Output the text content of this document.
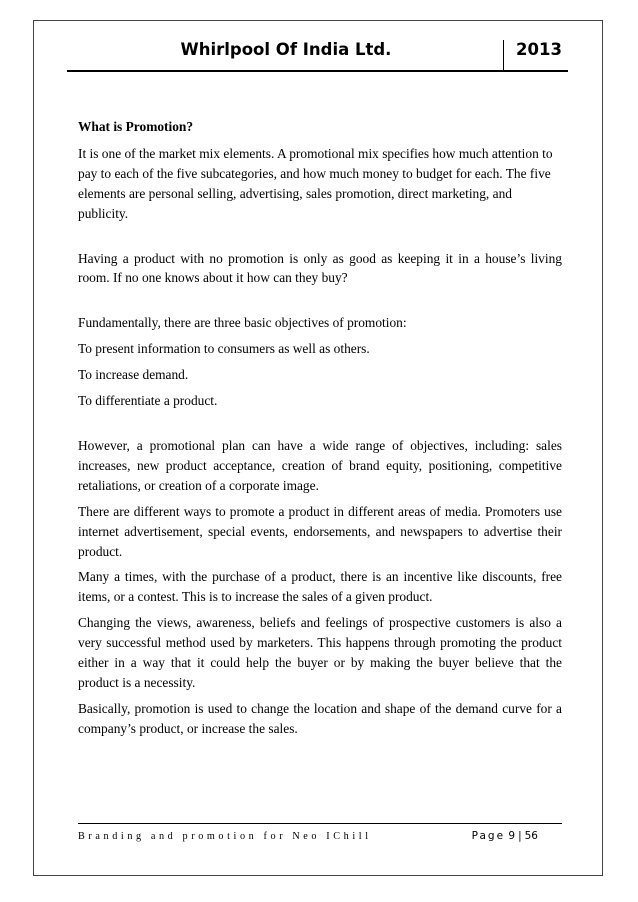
Whirlpool Of India Ltd.	2013

What is Promotion?

It is one of the market mix elements. A promotional mix specifies how much attention to pay to each of the five subcategories, and how much money to budget for each. The five elements are personal selling, advertising, sales promotion, direct marketing, and publicity.

Having a product with no promotion is only as good as keeping it in a house’s living room. If no one knows about it how can they buy?

Fundamentally, there are three basic objectives of promotion:

To present information to consumers as well as others.

To increase demand.

To differentiate a product.

However, a promotional plan can have a wide range of objectives, including: sales increases, new product acceptance, creation of brand equity, positioning, competitive retaliations, or creation of a corporate image.

There are different ways to promote a product in different areas of media. Promoters use internet advertisement, special events, endorsements, and newspapers to advertise their product.

Many a times, with the purchase of a product, there is an incentive like discounts, free items, or a contest. This is to increase the sales of a given product.

Changing the views, awareness, beliefs and feelings of prospective customers is also a very successful method used by marketers. This happens through promoting the product either in a way that it could help the buyer or by making the buyer believe that the product is a necessity.

Basically, promotion is used to change the location and shape of the demand curve for a company’s product, or increase the sales.

Branding and promotion for Neo IChill	Page 9 | 56
